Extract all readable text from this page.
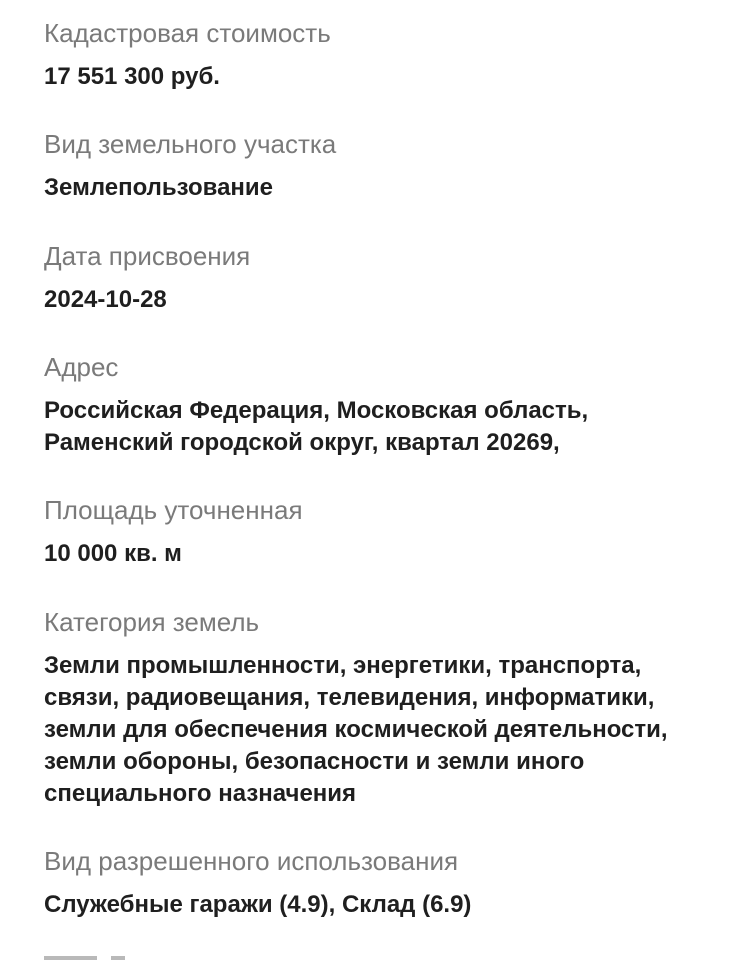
Кадастровая стоимость
17 551 300 руб.
Вид земельного участка
Землепользование
Дата присвоения
2024-10-28
Адрес
Российская Федерация, Московская область,
Раменский городской округ, квартал 20269,
Площадь уточненная
10 000 кв. м
Категория земель
Земли промышленности, энергетики, транспорта,
связи, радиовещания, телевидения, информатики,
земли для обеспечения космической деятельности,
земли обороны, безопасности и земли иного
специального назначения
Вид разрешенного использования
Служебные гаражи (4.9), Склад (6.9)
